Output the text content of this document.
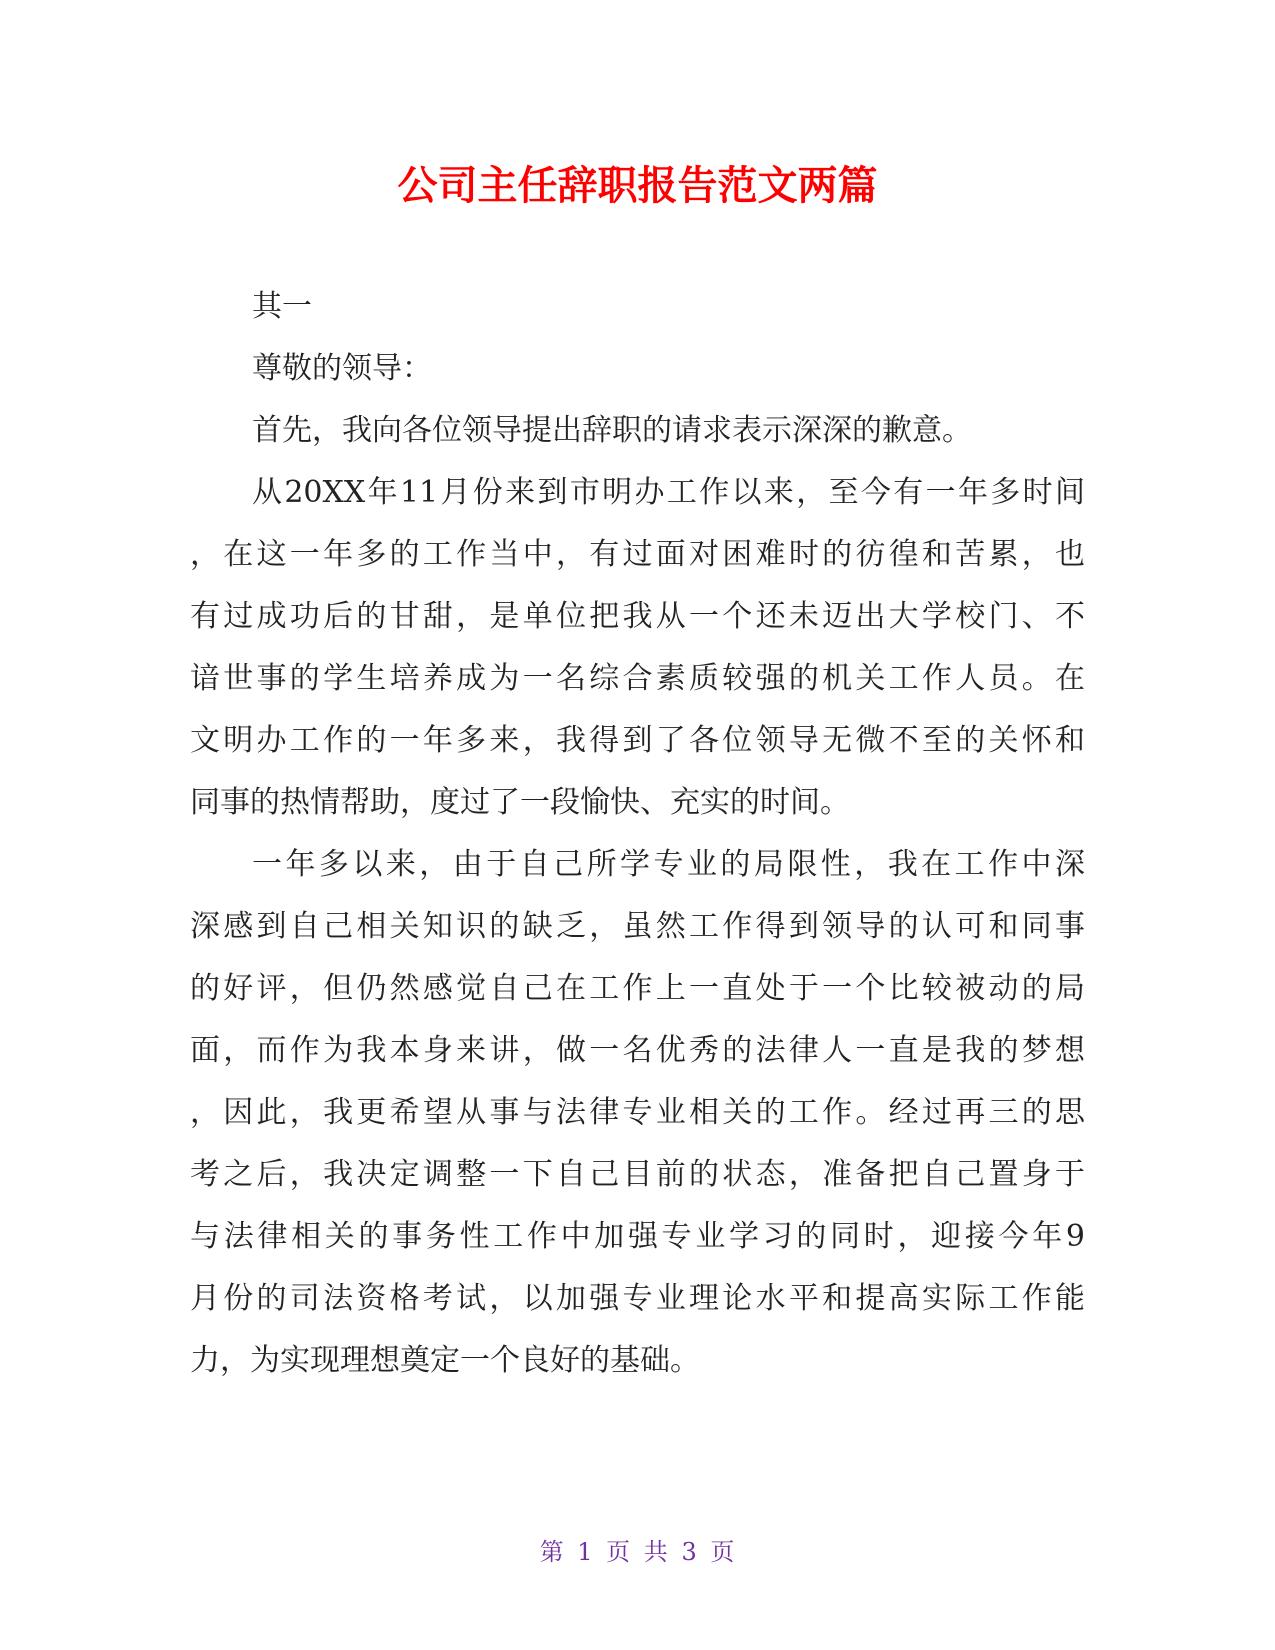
公司主任辞职报告范文两篇
其一
尊敬的领导：
首先，我向各位领导提出辞职的请求表示深深的歉意。
从20XX年11月份来到市明办工作以来，至今有一年多时间
，在这一年多的工作当中，有过面对困难时的彷徨和苦累，也
有过成功后的甘甜，是单位把我从一个还未迈出大学校门、不
谙世事的学生培养成为一名综合素质较强的机关工作人员。在
文明办工作的一年多来，我得到了各位领导无微不至的关怀和
同事的热情帮助，度过了一段愉快、充实的时间。
一年多以来，由于自己所学专业的局限性，我在工作中深
深感到自己相关知识的缺乏，虽然工作得到领导的认可和同事
的好评，但仍然感觉自己在工作上一直处于一个比较被动的局
面，而作为我本身来讲，做一名优秀的法律人一直是我的梦想
，因此，我更希望从事与法律专业相关的工作。经过再三的思
考之后，我决定调整一下自己目前的状态，准备把自己置身于
与法律相关的事务性工作中加强专业学习的同时，迎接今年9
月份的司法资格考试，以加强专业理论水平和提高实际工作能
力，为实现理想奠定一个良好的基础。
第 1 页 共 3 页
